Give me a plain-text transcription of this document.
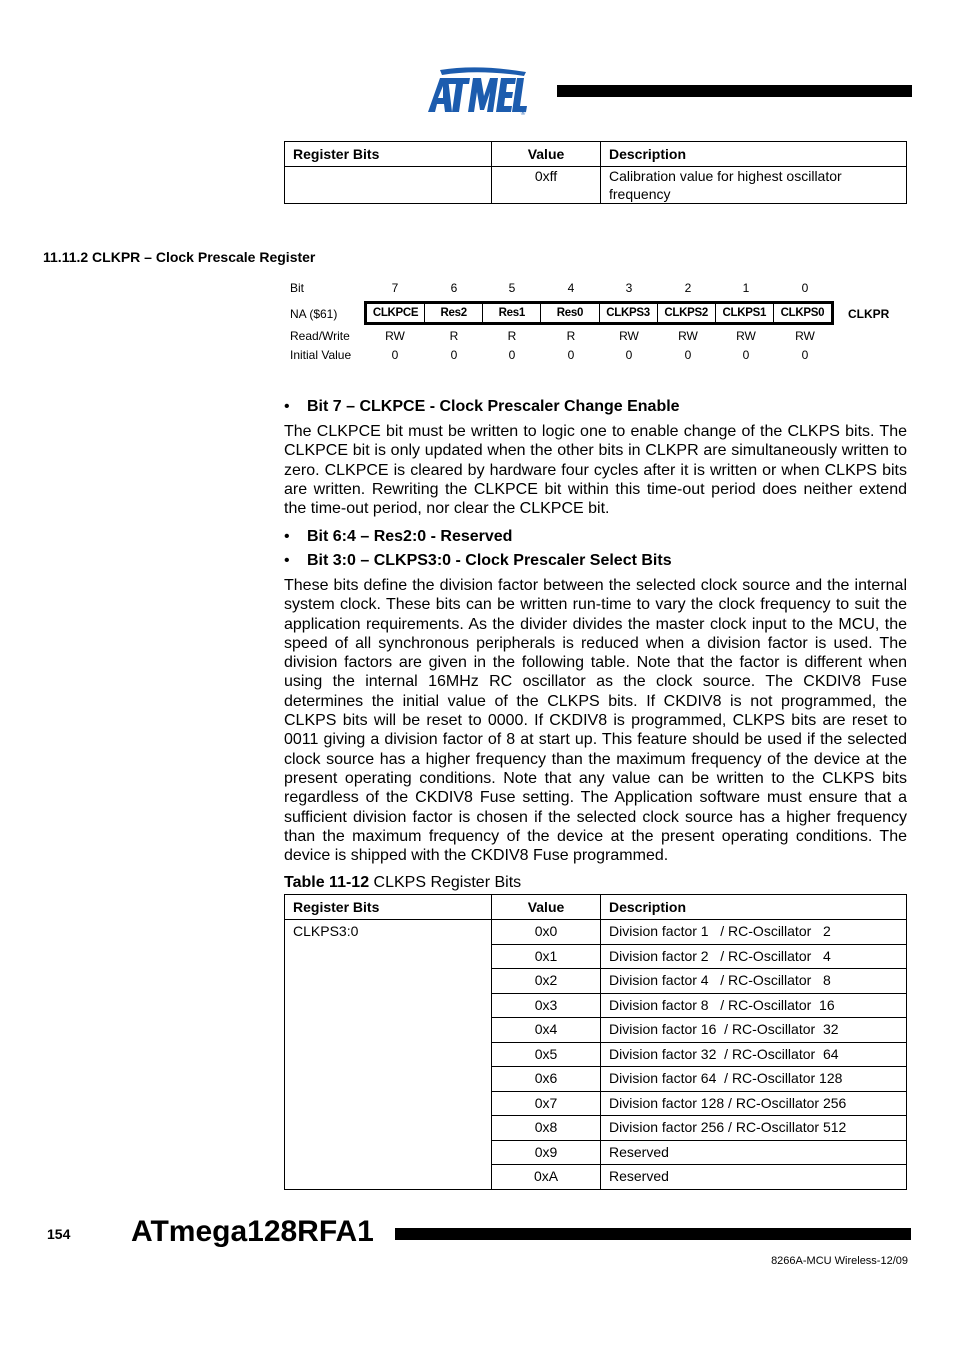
®
Register Bits	Value	Description
	0xff	Calibration value for highest oscillator frequency
11.11.2 CLKPR – Clock Prescale Register
Bit	7	6	5	4	3	2	1	0
NA ($61)	CLKPCE	Res2	Res1	Res0	CLKPS3	CLKPS2	CLKPS1	CLKPS0	CLKPR
Read/Write	RW	R	R	R	RW	RW	RW	RW
Initial Value	0	0	0	0	0	0	0	0
• Bit 7 – CLKPCE - Clock Prescaler Change Enable

The CLKPCE bit must be written to logic one to enable change of the CLKPS bits. The CLKPCE bit is only updated when the other bits in CLKPR are simultaneously written to zero. CLKPCE is cleared by hardware four cycles after it is written or when CLKPS bits are written. Rewriting the CLKPCE bit within this time-out period does neither extend the time-out period, nor clear the CLKPCE bit.

• Bit 6:4 – Res2:0 - Reserved
• Bit 3:0 – CLKPS3:0 - Clock Prescaler Select Bits

These bits define the division factor between the selected clock source and the internal system clock. These bits can be written run-time to vary the clock frequency to suit the application requirements. As the divider divides the master clock input to the MCU, the speed of all synchronous peripherals is reduced when a division factor is used. The division factors are given in the following table. Note that the factor is different when using the internal 16MHz RC oscillator as the clock source. The CKDIV8 Fuse determines the initial value of the CLKPS bits. If CKDIV8 is not programmed, the CLKPS bits will be reset to 0000. If CKDIV8 is programmed, CLKPS bits are reset to 0011 giving a division factor of 8 at start up. This feature should be used if the selected clock source has a higher frequency than the maximum frequency of the device at the present operating conditions. Note that any value can be written to the CLKPS bits regardless of the CKDIV8 Fuse setting. The Application software must ensure that a sufficient division factor is chosen if the selected clock source has a higher frequency than the maximum frequency of the device at the present operating conditions. The device is shipped with the CKDIV8 Fuse programmed.

Table 11-12 CLKPS Register Bits
Register Bits	Value	Description
CLKPS3:0	0x0	Division factor 1   / RC-Oscillator   2
	0x1	Division factor 2   / RC-Oscillator   4
	0x2	Division factor 4   / RC-Oscillator   8
	0x3	Division factor 8   / RC-Oscillator  16
	0x4	Division factor 16  / RC-Oscillator  32
	0x5	Division factor 32  / RC-Oscillator  64
	0x6	Division factor 64  / RC-Oscillator 128
	0x7	Division factor 128 / RC-Oscillator 256
	0x8	Division factor 256 / RC-Oscillator 512
	0x9	Reserved
	0xA	Reserved
154 ATmega128RFA1
8266A-MCU Wireless-12/09
